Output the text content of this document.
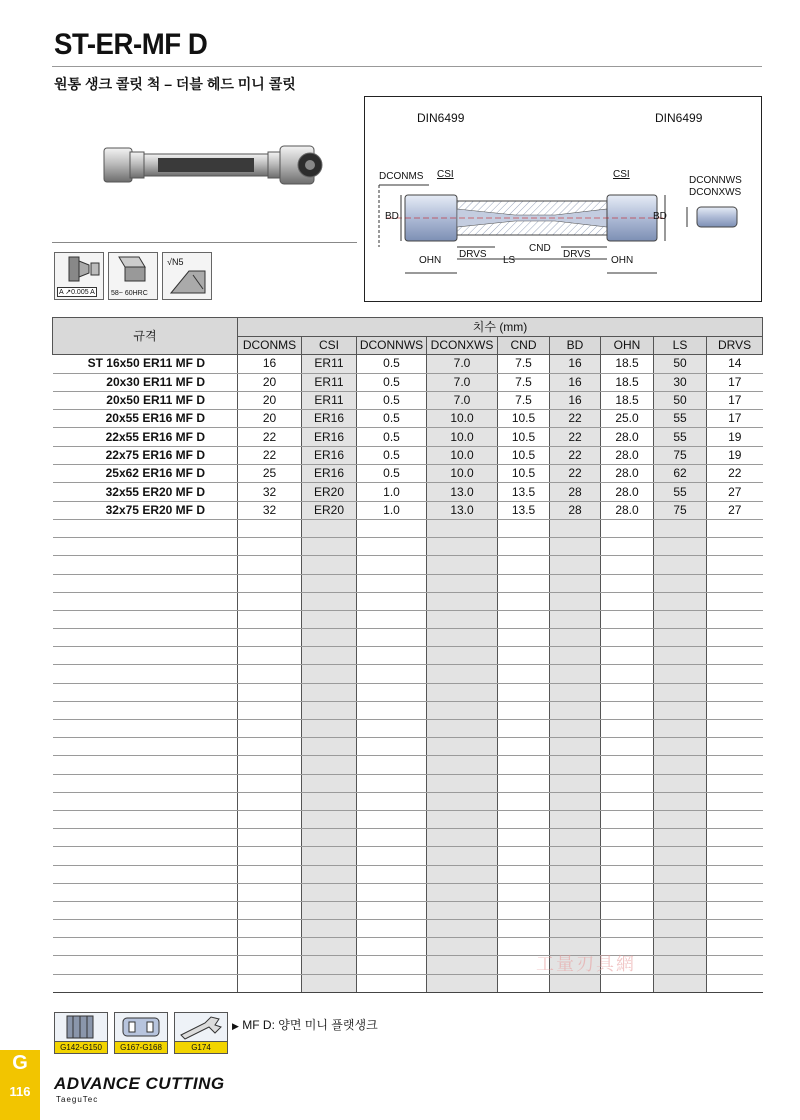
ST-ER-MF D
원통 생크 콜릿 척 – 더블 헤드 미니 콜릿
A ↗0.005 A 58~ 60HRC
√N5
DIN6499	DIN6499
DCONMS CSI	CSI
DCONNWS
DCONXWS
BD	BD
OHN
DRVS
LS
CND
DRVS
OHN
규격	치수 (mm)								
	DCONMS	CSI	DCONNWS	DCONXWS	CND	BD	OHN	LS	DRVS
ST 16x50 ER11 MF D	16	ER11	0.5	7.0	7.5	16	18.5	50	14
20x30 ER11 MF D	20	ER11	0.5	7.0	7.5	16	18.5	30	17
20x50 ER11 MF D	20	ER11	0.5	7.0	7.5	16	18.5	50	17
20x55 ER16 MF D	20	ER16	0.5	10.0	10.5	22	25.0	55	17
22x55 ER16 MF D	22	ER16	0.5	10.0	10.5	22	28.0	55	19
22x75 ER16 MF D	22	ER16	0.5	10.0	10.5	22	28.0	75	19
25x62 ER16 MF D	25	ER16	0.5	10.0	10.5	22	28.0	62	22
32x55 ER20 MF D	32	ER20	1.0	13.0	13.5	28	28.0	55	27
32x75 ER20 MF D	32	ER20	1.0	13.0	13.5	28	28.0	75	27

工量刃具網
G142-G150	G167-G168	G174
▶ MF D: 양면 미니 플랫생크
G
116	ADVANCE CUTTING
TaeguTec
